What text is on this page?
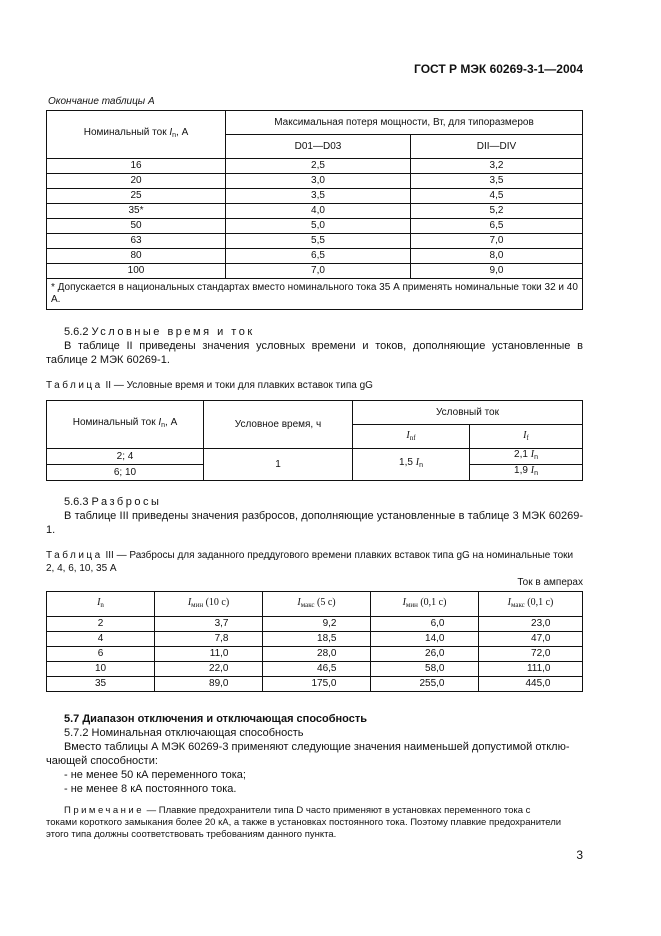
ГОСТ Р МЭК 60269-3-1—2004
Окончание таблицы А
Номинальный ток $I_n$, А	Максимальная потеря мощности, Вт, для типоразмеров	
	D01—D03	DII—DIV
16	2,5	3,2
20	3,0	3,5
25	3,5	4,5
35*	4,0	5,2
50	5,0	6,5
63	5,5	7,0
80	6,5	8,0
100	7,0	9,0
* Допускается в национальных стандартах вместо номинального тока 35 А применять номинальные токи 32 и 40 А.		
5.6.2 Условные время и ток
В таблице II приведены значения условных времени и токов, дополняющие установленные в таблице 2 МЭК 60269-1.
Таблица II — Условные время и токи для плавких вставок типа gG
Номинальный ток $I_n$, А	Условное время, ч	Условный ток	
		$I_{nf}$	$I_f$
2; 4	1	1,5 $I_n$	2,1 $I_n$
6; 10			1,9 $I_n$
5.6.3 Разбросы
В таблице III приведены значения разбросов, дополняющие установленные в таблице 3 МЭК 60269-1.
Таблица III — Разбросы для заданного преддугового времени плавких вставок типа gG на номинальные токи
2, 4, 6, 10, 35 А
Ток в амперах
$I_n$	$I_{мин}$ (10 с)	$I_{макс}$ (5 с)	$I_{мин}$ (0,1 с)	$I_{макс}$ (0,1 с)
2	3,7	9,2	6,0	23,0
4	7,8	18,5	14,0	47,0
6	11,0	28,0	26,0	72,0
10	22,0	46,5	58,0	111,0
35	89,0	175,0	255,0	445,0
5.7 Диапазон отключения и отключающая способность
5.7.2 Номинальная отключающая способность
Вместо таблицы А МЭК 60269-3 применяют следующие значения наименьшей допустимой отклю-
чающей способности:
- не менее 50 кА переменного тока;
- не менее 8 кА постоянного тока.
Примечание — Плавкие предохранители типа D часто применяют в установках переменного тока с
токами короткого замыкания более 20 кА, а также в установках постоянного тока. Поэтому плавкие предохранители
этого типа должны соответствовать требованиям данного пункта.
3
